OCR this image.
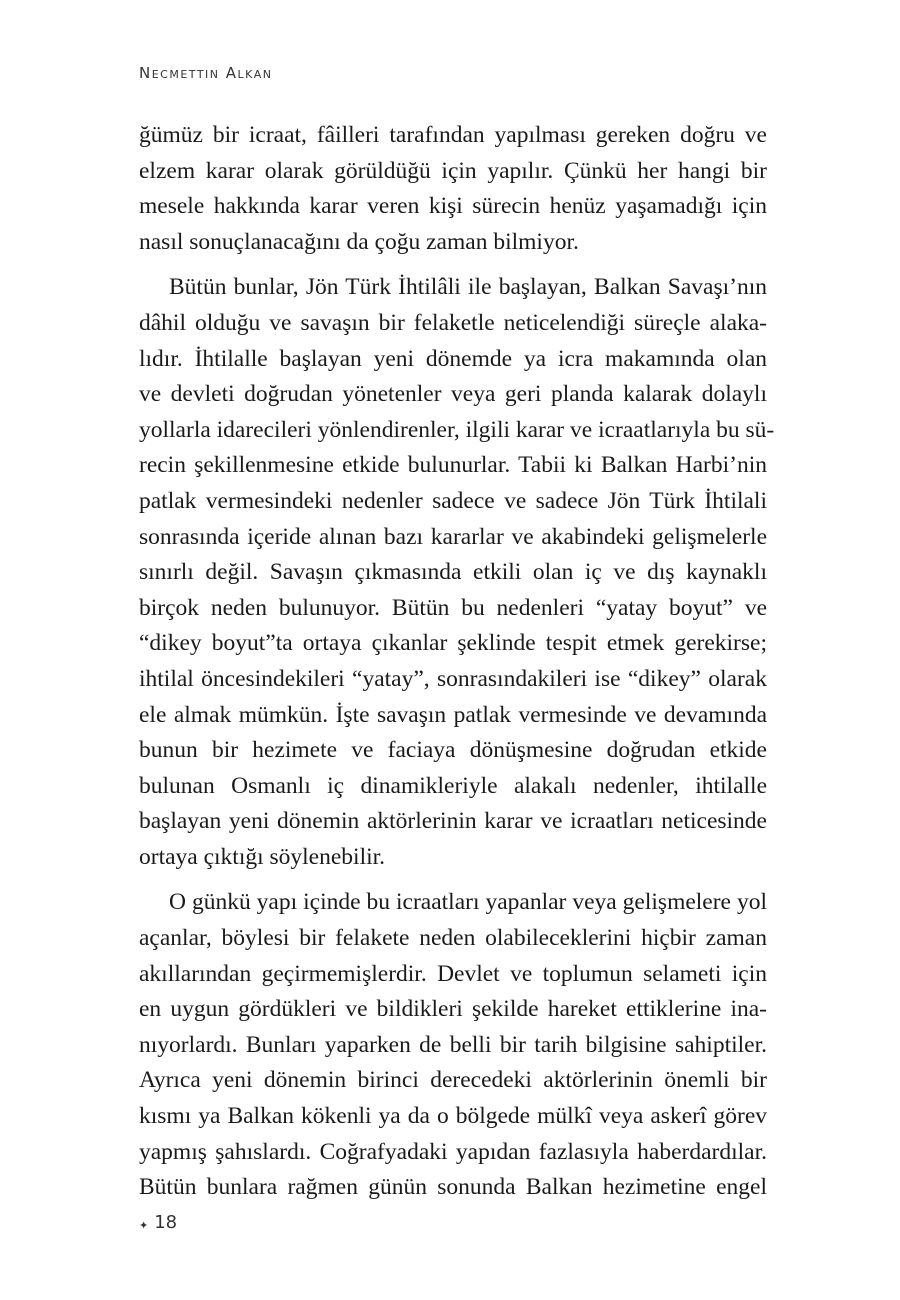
Necmettin Alkan
ğümüz bir icraat, fâilleri tarafından yapılması gereken doğru ve
elzem karar olarak görüldüğü için yapılır. Çünkü her hangi bir
mesele hakkında karar veren kişi sürecin henüz yaşamadığı için
nasıl sonuçlanacağını da çoğu zaman bilmiyor.
Bütün bunlar, Jön Türk İhtilâli ile başlayan, Balkan Savaşı’nın
dâhil olduğu ve savaşın bir felaketle neticelendiği süreçle alaka-
lıdır. İhtilalle başlayan yeni dönemde ya icra makamında olan
ve devleti doğrudan yönetenler veya geri planda kalarak dolaylı
yollarla idarecileri yönlendirenler, ilgili karar ve icraatlarıyla bu sü-
recin şekillenmesine etkide bulunurlar. Tabii ki Balkan Harbi’nin
patlak vermesindeki nedenler sadece ve sadece Jön Türk İhtilali
sonrasında içeride alınan bazı kararlar ve akabindeki gelişmelerle
sınırlı değil. Savaşın çıkmasında etkili olan iç ve dış kaynaklı
birçok neden bulunuyor. Bütün bu nedenleri “yatay boyut” ve
“dikey boyut”ta ortaya çıkanlar şeklinde tespit etmek gerekirse;
ihtilal öncesindekileri “yatay”, sonrasındakileri ise “dikey” olarak
ele almak mümkün. İşte savaşın patlak vermesinde ve devamında
bunun bir hezimete ve faciaya dönüşmesine doğrudan etkide
bulunan Osmanlı iç dinamikleriyle alakalı nedenler, ihtilalle
başlayan yeni dönemin aktörlerinin karar ve icraatları neticesinde
ortaya çıktığı söylenebilir.
O günkü yapı içinde bu icraatları yapanlar veya gelişmelere yol
açanlar, böylesi bir felakete neden olabileceklerini hiçbir zaman
akıllarından geçirmemişlerdir. Devlet ve toplumun selameti için
en uygun gördükleri ve bildikleri şekilde hareket ettiklerine ina-
nıyorlardı. Bunları yaparken de belli bir tarih bilgisine sahiptiler.
Ayrıca yeni dönemin birinci derecedeki aktörlerinin önemli bir
kısmı ya Balkan kökenli ya da o bölgede mülkî veya askerî görev
yapmış şahıslardı. Coğrafyadaki yapıdan fazlasıyla haberdardılar.
Bütün bunlara rağmen günün sonunda Balkan hezimetine engel
✦ 18
